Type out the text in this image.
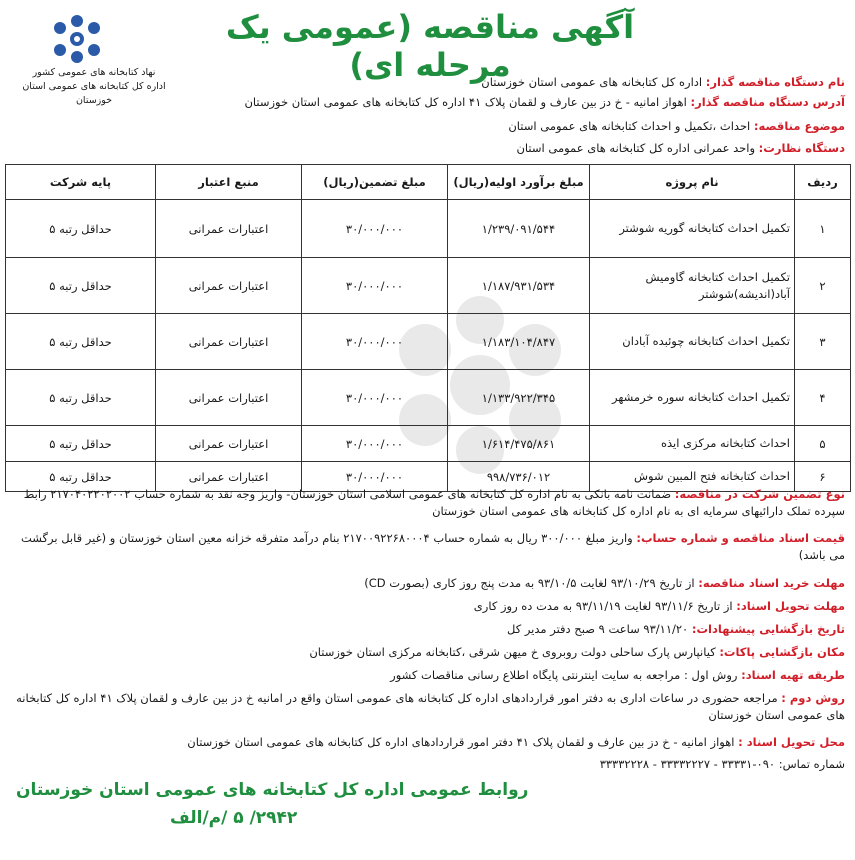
نهاد کتابخانه های عمومی کشور
اداره کل کتابخانه های عمومی استان خوزستان
آگهی مناقصه (عمومی یک مرحله ای)	نام دستگاه مناقصه گذار: اداره کل کتابخانه های عمومی استان خوزستان
آدرس دستگاه مناقصه گذار: اهواز امانیه - خ دز بین عارف و لقمان پلاک ۴۱ اداره کل کتابخانه های عمومی استان خوزستان
موضوع مناقصه: احداث ،تکمیل و احداث کتابخانه های عمومی استان
دستگاه نظارت: واحد عمرانی اداره کل کتابخانه های عمومی استان
ردیف	نام پروژه	مبلغ برآورد اولیه(ریال)	مبلغ تضمین(ریال)	منبع اعتبار	پایه شرکت
۱	تکمیل احداث کتابخانه گوریه شوشتر	۱/۲۳۹/۰۹۱/۵۴۴	۳۰/۰۰۰/۰۰۰	اعتبارات عمرانی	حداقل رتبه ۵
۲	تکمیل احداث کتابخانه گاومیش آباد(اندیشه)شوشتر	۱/۱۸۷/۹۳۱/۵۳۴	۳۰/۰۰۰/۰۰۰	اعتبارات عمرانی	حداقل رتبه ۵
۳	تکمیل احداث کتابخانه چوئبده آبادان	۱/۱۸۳/۱۰۴/۸۴۷	۳۰/۰۰۰/۰۰۰	اعتبارات عمرانی	حداقل رتبه ۵
۴	تکمیل احداث کتابخانه سوره خرمشهر	۱/۱۳۳/۹۲۲/۳۴۵	۳۰/۰۰۰/۰۰۰	اعتبارات عمرانی	حداقل رتبه ۵
۵	احداث کتابخانه مرکزی ایذه	۱/۶۱۴/۴۷۵/۸۶۱	۳۰/۰۰۰/۰۰۰	اعتبارات عمرانی	حداقل رتبه ۵
۶	احداث کتابخانه فتح المبین شوش	۹۹۸/۷۳۶/۰۱۲	۳۰/۰۰۰/۰۰۰	اعتبارات عمرانی	حداقل رتبه ۵
نوع تضمین شرکت در مناقصه: ضمانت نامه بانکی به نام اداره کل کتابخانه های عمومی اسلامی استان خوزستان- واریز وجه نقد به شماره حساب ۲۱۷۰۴۰۲۲۰۲۰۰۲ رابط سپرده تملک دارائیهای سرمایه ای به نام اداره کل کتابخانه های عمومی استان خوزستان
قیمت اسناد مناقصه و شماره حساب: واریز مبلغ ۳۰۰/۰۰۰ ریال به شماره حساب ۲۱۷۰۰۹۲۲۶۸۰۰۰۴ بنام درآمد متفرقه خزانه معین استان خوزستان و (غیر قابل برگشت می باشد)
مهلت خرید اسناد مناقصه: از تاریخ ۹۳/۱۰/۲۹ لغایت ۹۳/۱۰/۵ به مدت پنج روز کاری (بصورت CD)
مهلت تحویل اسناد: از تاریخ ۹۳/۱۱/۶ لغایت ۹۳/۱۱/۱۹ به مدت ده روز کاری
تاریخ بازگشایی پیشنهادات: ۹۳/۱۱/۲۰ ساعت ۹ صبح دفتر مدیر کل
مکان بازگشایی پاکات: کیانپارس پارک ساحلی دولت روبروی خ میهن شرقی ،کتابخانه مرکزی استان خوزستان
طریقه تهیه اسناد: روش اول : مراجعه به سایت اینترنتی پایگاه اطلاع رسانی مناقصات کشور
روش دوم : مراجعه حضوری در ساعات اداری به دفتر امور قراردادهای اداره کل کتابخانه های عمومی استان واقع در امانیه خ دز بین عارف و لقمان پلاک ۴۱ اداره کل کتابخانه های عمومی استان خوزستان
محل تحویل اسناد : اهواز امانیه - خ دز بین عارف و لقمان پلاک ۴۱ دفتر امور قراردادهای اداره کل کتابخانه های عمومی استان خوزستان
شماره تماس: ۰۹۰-۳۳۳۳۱ - ۳۳۳۳۲۲۲۷ - ۳۳۳۳۲۲۲۸
روابط عمومی اداره کل کتابخانه های عمومی استان خوزستان
۲۹۴۲/ ۵ /م/الف
